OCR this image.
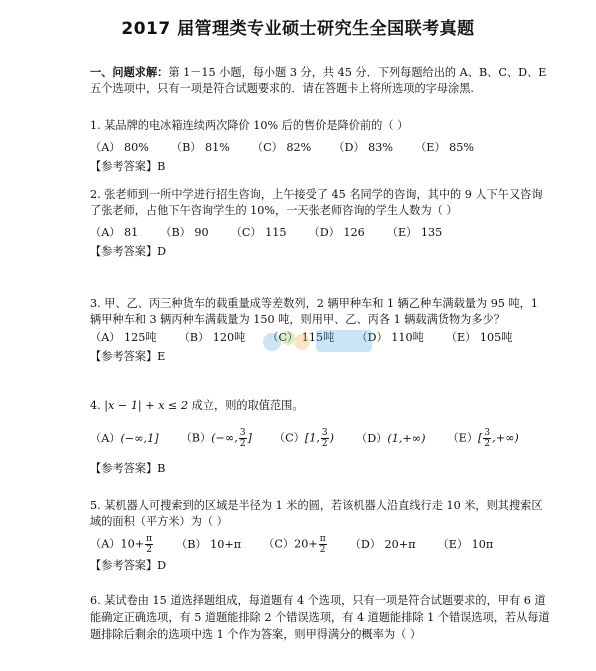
2017 届管理类专业硕士研究生全国联考真题
一、问题求解：第 1－15 小题，每小题 3 分，共 45 分．下列每题给出的 A、B、C、D、E 五个选项中，只有一项是符合试题要求的．请在答题卡上将所选项的字母涂黑.

1. 某品牌的电冰箱连续两次降价 10% 后的售价是降价前的（ ）

（A） 80% （B） 81% （C） 82% （D） 83% （E） 85%
【参考答案】B

2. 张老师到一所中学进行招生咨询，上午接受了 45 名同学的咨询，其中的 9 人下午又咨询了张老师，占他下午咨询学生的 10%，一天张老师咨询的学生人数为（ ）

（A） 81 （B） 90 （C） 115 （D） 126 （E） 135
【参考答案】D

3. 甲、乙、丙三种货车的载重量成等差数列，2 辆甲种车和 1 辆乙种车满载量为 95 吨，1 辆甲种车和 3 辆丙种车满载量为 150 吨，则用甲、乙、丙各 1 辆载满货物为多少？

（A） 125吨 （B） 120吨 （C） 115吨 （D） 110吨 （E） 105吨
【参考答案】E

4. |x − 1| + x ≤ 2 成立，则的取值范围。

（A）(−∞,1] （B）(−∞, $\frac{3}{2}$ ] （C）[1, $\frac{3}{2}$ ) （D）(1,+∞) $(E)[ \frac{3}{2}$ ,+∞)
【参考答案】B

5. 某机器人可搜索到的区域是半径为 1 米的圆，若该机器人沿直线行走 10 米，则其搜索区域的面积（平方米）为（ ）

$(A)10+ \frac{\pi}{2} (B)$ 10+π $(C)20+ \frac{\pi}{2} (D)$ 20+π （E） 10π
【参考答案】D

6. 某试卷由 15 道选择题组成，每道题有 4 个选项，只有一项是符合试题要求的，甲有 6 道能确定正确选项，有 5 道题能排除 2 个错误选项，有 4 道题能排除 1 个错误选项，若从每道题排除后剩余的选项中选 1 个作为答案，则甲得满分的概率为（ ）
